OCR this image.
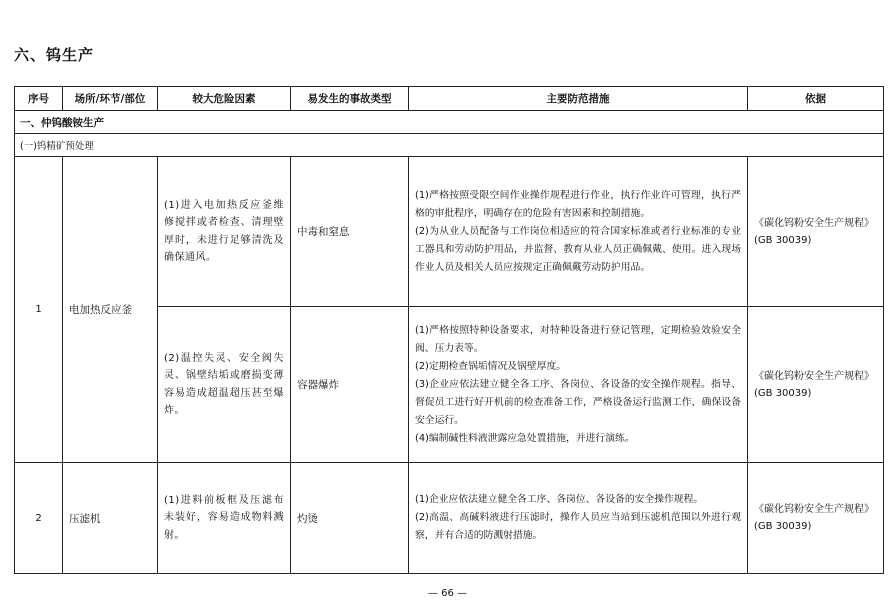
六、钨生产
序号	场所/环节/部位	较大危险因素	易发生的事故类型	主要防范措施	依据
一、仲钨酸铵生产					
(一)钨精矿预处理					
1	电加热反应釜	(1)进入电加热反应釜维修搅拌或者检查、清理壁厚时，未进行足够清洗及确保通风。	中毒和窒息	(1)严格按照受限空间作业操作规程进行作业，执行作业许可管理，执行严格的审批程序，明确存在的危险有害因素和控制措施。
(2)为从业人员配备与工作岗位相适应的符合国家标准或者行业标准的专业工器具和劳动防护用品，并监督、教育从业人员正确佩戴、使用。进入现场作业人员及相关人员应按规定正确佩戴劳动防护用品。	《碳化钨粉安全生产规程》(GB 30039)
		(2)温控失灵、安全阀失灵、锅壁结垢或磨损变薄容易造成超温超压甚至爆炸。	容器爆炸	(1)严格按照特种设备要求，对特种设备进行登记管理，定期检验效验安全阀、压力表等。
(2)定期检查锅垢情况及锅壁厚度。
(3)企业应依法建立健全各工序、各岗位、各设备的安全操作规程。指导、督促员工进行好开机前的检查准备工作，严格设备运行监测工作，确保设备安全运行。
(4)编制碱性料液泄露应急处置措施，并进行演练。	《碳化钨粉安全生产规程》(GB 30039)
2	压滤机	(1)进料前板框及压滤布未装好，容易造成物料溅射。	灼烫	(1)企业应依法建立健全各工序、各岗位、各设备的安全操作规程。
(2)高温、高碱料液进行压滤时，操作人员应当站到压滤机范围以外进行观察，并有合适的防溅射措施。	《碳化钨粉安全生产规程》(GB 30039)
— 66 —
